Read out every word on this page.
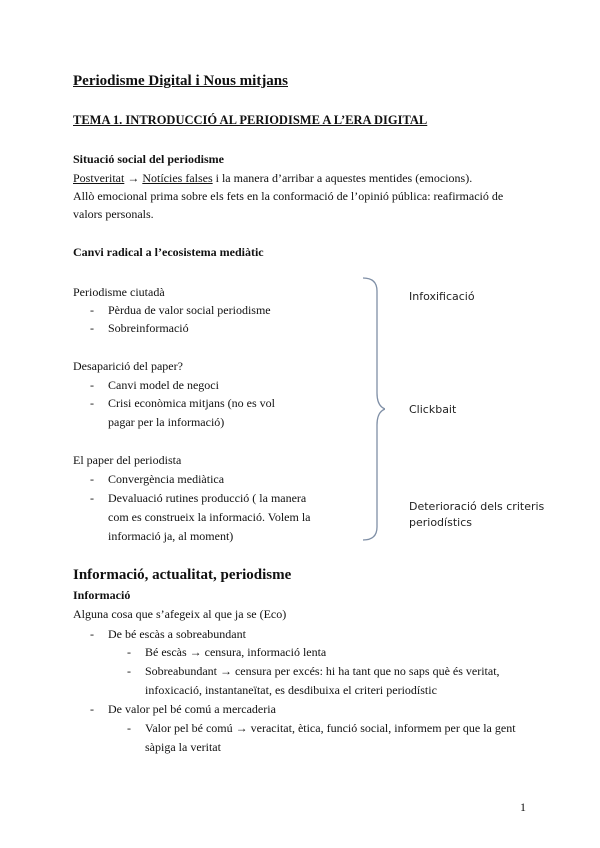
Periodisme Digital i Nous mitjans
TEMA 1. INTRODUCCIÓ AL PERIODISME A L’ERA DIGITAL
Situació social del periodisme
Postveritat → Notícies falses i la manera d’arribar a aquestes mentides (emocions).
Allò emocional prima sobre els fets en la conformació de l’opinió pública: reafirmació de
valors personals.
Canvi radical a l’ecosistema mediàtic
Periodisme ciutadà
- Pèrdua de valor social periodisme
- Sobreinformació
Desaparició del paper?
- Canvi model de negoci
- Crisi econòmica mitjans (no es vol
pagar per la informació)
El paper del periodista
- Convergència mediàtica
- Devaluació rutines producció ( la manera
com es construeix la informació. Volem la
informació ja, al moment)
Infoxificació
Clickbait
Deterioració dels criteris
periodístics
Informació, actualitat, periodisme
Informació
Alguna cosa que s’afegeix al que ja se (Eco)
- De bé escàs a sobreabundant
- Bé escàs → censura, informació lenta
- Sobreabundant → censura per excés: hi ha tant que no saps què és veritat,
infoxicació, instantaneïtat, es desdibuixa el criteri periodístic
- De valor pel bé comú a mercaderia
- Valor pel bé comú → veracitat, ètica, funció social, informem per que la gent
sàpiga la veritat
1
